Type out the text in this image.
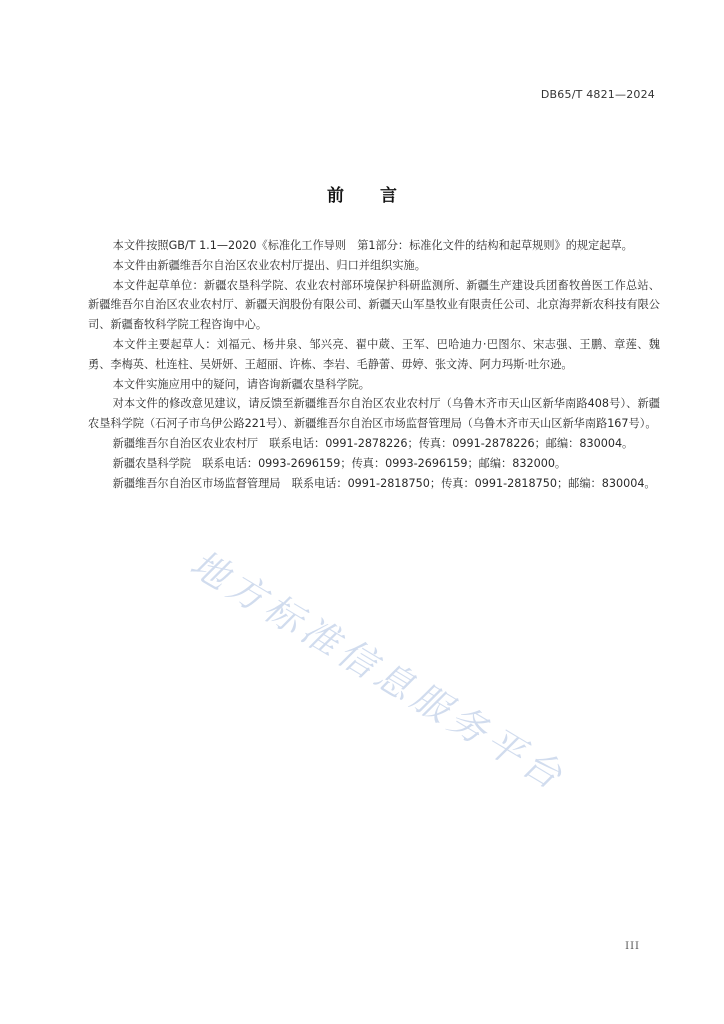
DB65/T 4821—2024
前言

本文件按照GB/T 1.1—2020《标准化工作导则　第1部分：标准化文件的结构和起草规则》的规定起草。

本文件由新疆维吾尔自治区农业农村厅提出、归口并组织实施。

本文件起草单位：新疆农垦科学院、农业农村部环境保护科研监测所、新疆生产建设兵团畜牧兽医工作总站、新疆维吾尔自治区农业农村厅、新疆天润股份有限公司、新疆天山军垦牧业有限责任公司、北京海羿新农科技有限公司、新疆畜牧科学院工程咨询中心。

本文件主要起草人：刘福元、杨井泉、邹兴亮、翟中葳、王军、巴哈迪力·巴图尔、宋志强、王鹏、章莲、魏勇、李梅英、杜连柱、吴妍妍、王超丽、许栋、李岩、毛静蕾、毋婷、张文涛、阿力玛斯·吐尔逊。

本文件实施应用中的疑问，请咨询新疆农垦科学院。

对本文件的修改意见建议，请反馈至新疆维吾尔自治区农业农村厅（乌鲁木齐市天山区新华南路408号）、新疆农垦科学院（石河子市乌伊公路221号）、新疆维吾尔自治区市场监督管理局（乌鲁木齐市天山区新华南路167号）。

新疆维吾尔自治区农业农村厅　联系电话：0991-2878226；传真：0991-2878226；邮编：830004。

新疆农垦科学院　联系电话：0993-2696159；传真：0993-2696159；邮编：832000。

新疆维吾尔自治区市场监督管理局　联系电话：0991-2818750；传真：0991-2818750；邮编：830004。

地方标准信息服务平台
III
